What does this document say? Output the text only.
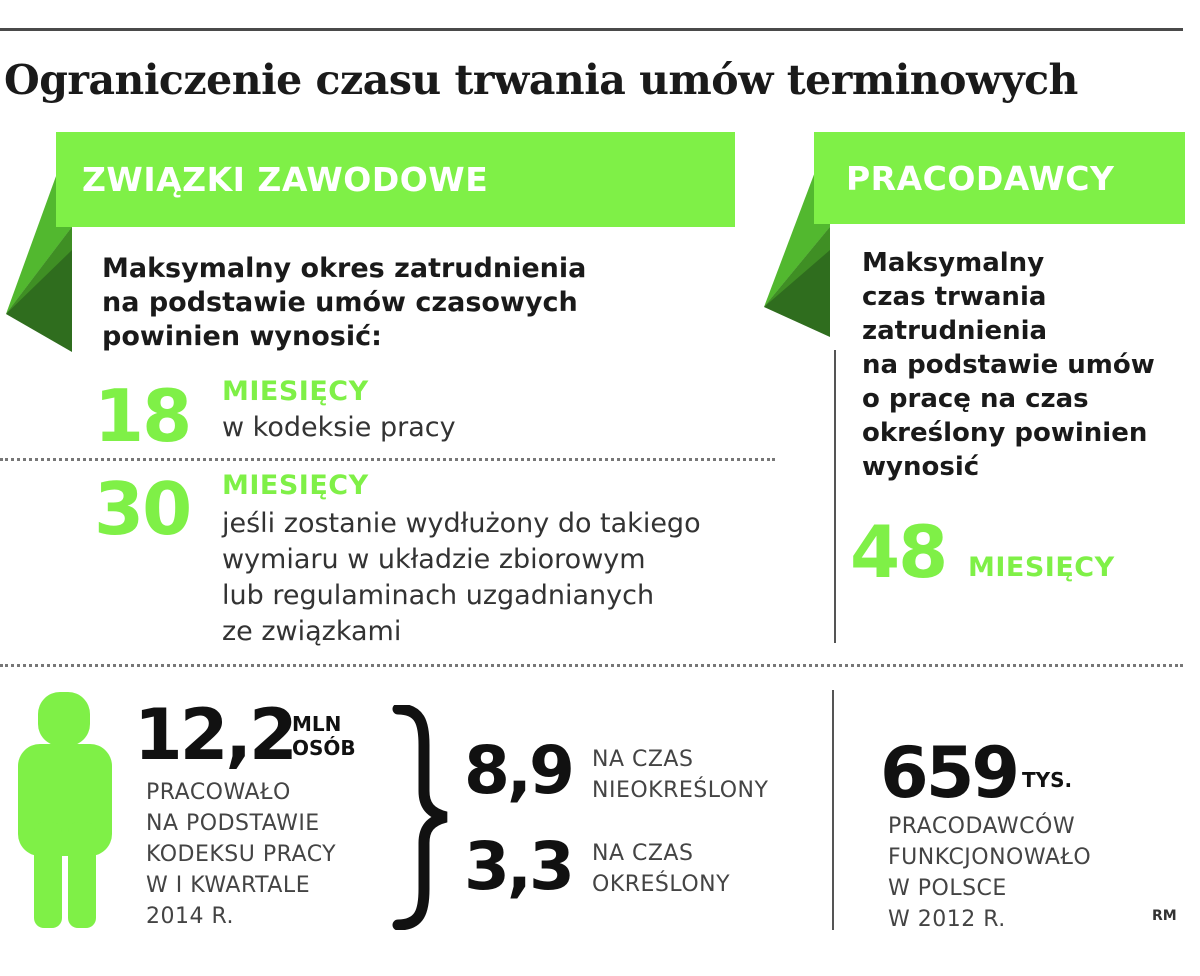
Ograniczenie czasu trwania umów terminowych
ZWIĄZKI ZAWODOWE	PRACODAWCY
Maksymalny okres zatrudnienia
na podstawie umów czasowych
powinien wynosić:
18 MIESIĘCY
w kodeksie pracy
30 MIESIĘCY
jeśli zostanie wydłużony do takiego
wymiaru w układzie zbiorowym
lub regulaminach uzgadnianych
ze związkami
Maksymalny
czas trwania
zatrudnienia
na podstawie umów
o pracę na czas
określony powinien
wynosić
48 MIESIĘCY
12,2
MLN
OSÓB
PRACOWAŁO
NA PODSTAWIE
KODEKSU PRACY
W I KWARTALE
2014 R.
8,9 NA CZAS
NIEOKREŚLONY
3,3 NA CZAS
OKREŚLONY
659 TYS.
PRACODAWCÓW
FUNKCJONOWAŁO
W POLSCE
W 2012 R.	RM
